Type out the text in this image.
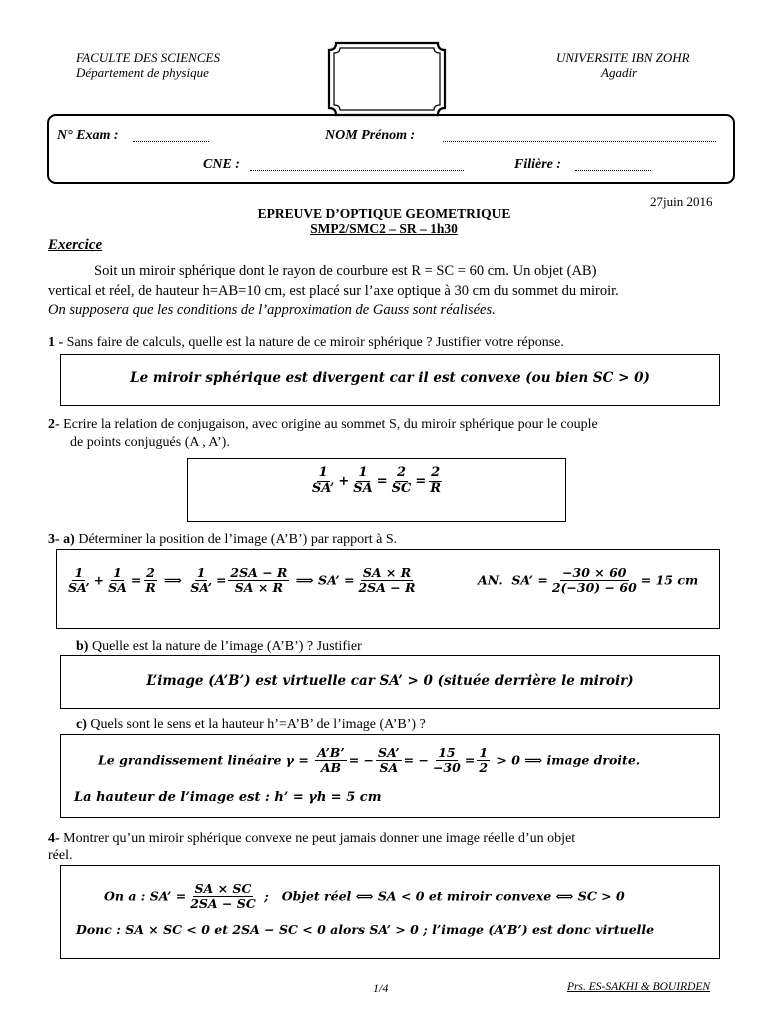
FACULTE DES SCIENCES
Département de physique
UNIVERSITE IBN ZOHR
Agadir
N° Exam :	NOM Prénom :
CNE :	Filière :
27juin 2016
EPREUVE D’OPTIQUE GEOMETRIQUE
SMP2/SMC2 – SR – 1h30
Exercice
Soit un miroir sphérique dont le rayon de courbure est R = SC = 60 cm. Un objet (AB)
vertical et réel, de hauteur h=AB=10 cm, est placé sur l’axe optique à 30 cm du sommet du miroir.
On supposera que les conditions de l’approximation de Gauss sont réalisées.
1 - Sans faire de calculs, quelle est la nature de ce miroir sphérique ? Justifier votre réponse.
Le miroir sphérique est divergent car il est convexe (ou bien SC > 0)
2- Ecrire la relation de conjugaison, avec origine au sommet S, du miroir sphérique pour le couple
de points conjugués (A , A’).
$\frac{1}{SA’} + \frac{1}{SA} = \frac{2}{SC} = \frac{2}{R}$
3- a) Déterminer la position de l’image (A’B’) par rapport à S.
$\frac{1}{SA’} + \frac{1}{SA} = \frac{2}{R}$ ⟹ $\frac{1}{SA’} = \frac{2SA - R}{SA \times R}$ ⟹ SA’ = $\frac{SA \times R}{2SA - R}$	AN.  SA’ = $\frac{-30 \times 60}{2(-30) - 60} = 15$ cm
b) Quelle est la nature de l’image (A’B’) ? Justifier
L’image (A’B’) est virtuelle car SA’ > 0 (située derrière le miroir)
c) Quels sont le sens et la hauteur h’=A’B’ de l’image (A’B’) ?
Le grandissement linéaire $\gamma = \frac{A’B’}{AB}$ = − $\frac{SA’}{SA}$ = − $\frac{15}{-30} = \frac{1}{2} > 0$ ⟹ image droite.
La hauteur de l’image est : h’ = γh = 5 cm
4- Montrer qu’un miroir sphérique convexe ne peut jamais donner une image réelle d’un objet
réel.
On a : SA’ = $\frac{SA \times SC}{2SA - SC}$ ;   Objet réel ⟺ SA < 0 et miroir convexe ⟺ SC > 0
Donc : SA × SC < 0 et 2SA − SC < 0 alors SA’ > 0 ; l’image (A’B’) est donc virtuelle
1/4	Prs. ES-SAKHI & BOUIRDEN
